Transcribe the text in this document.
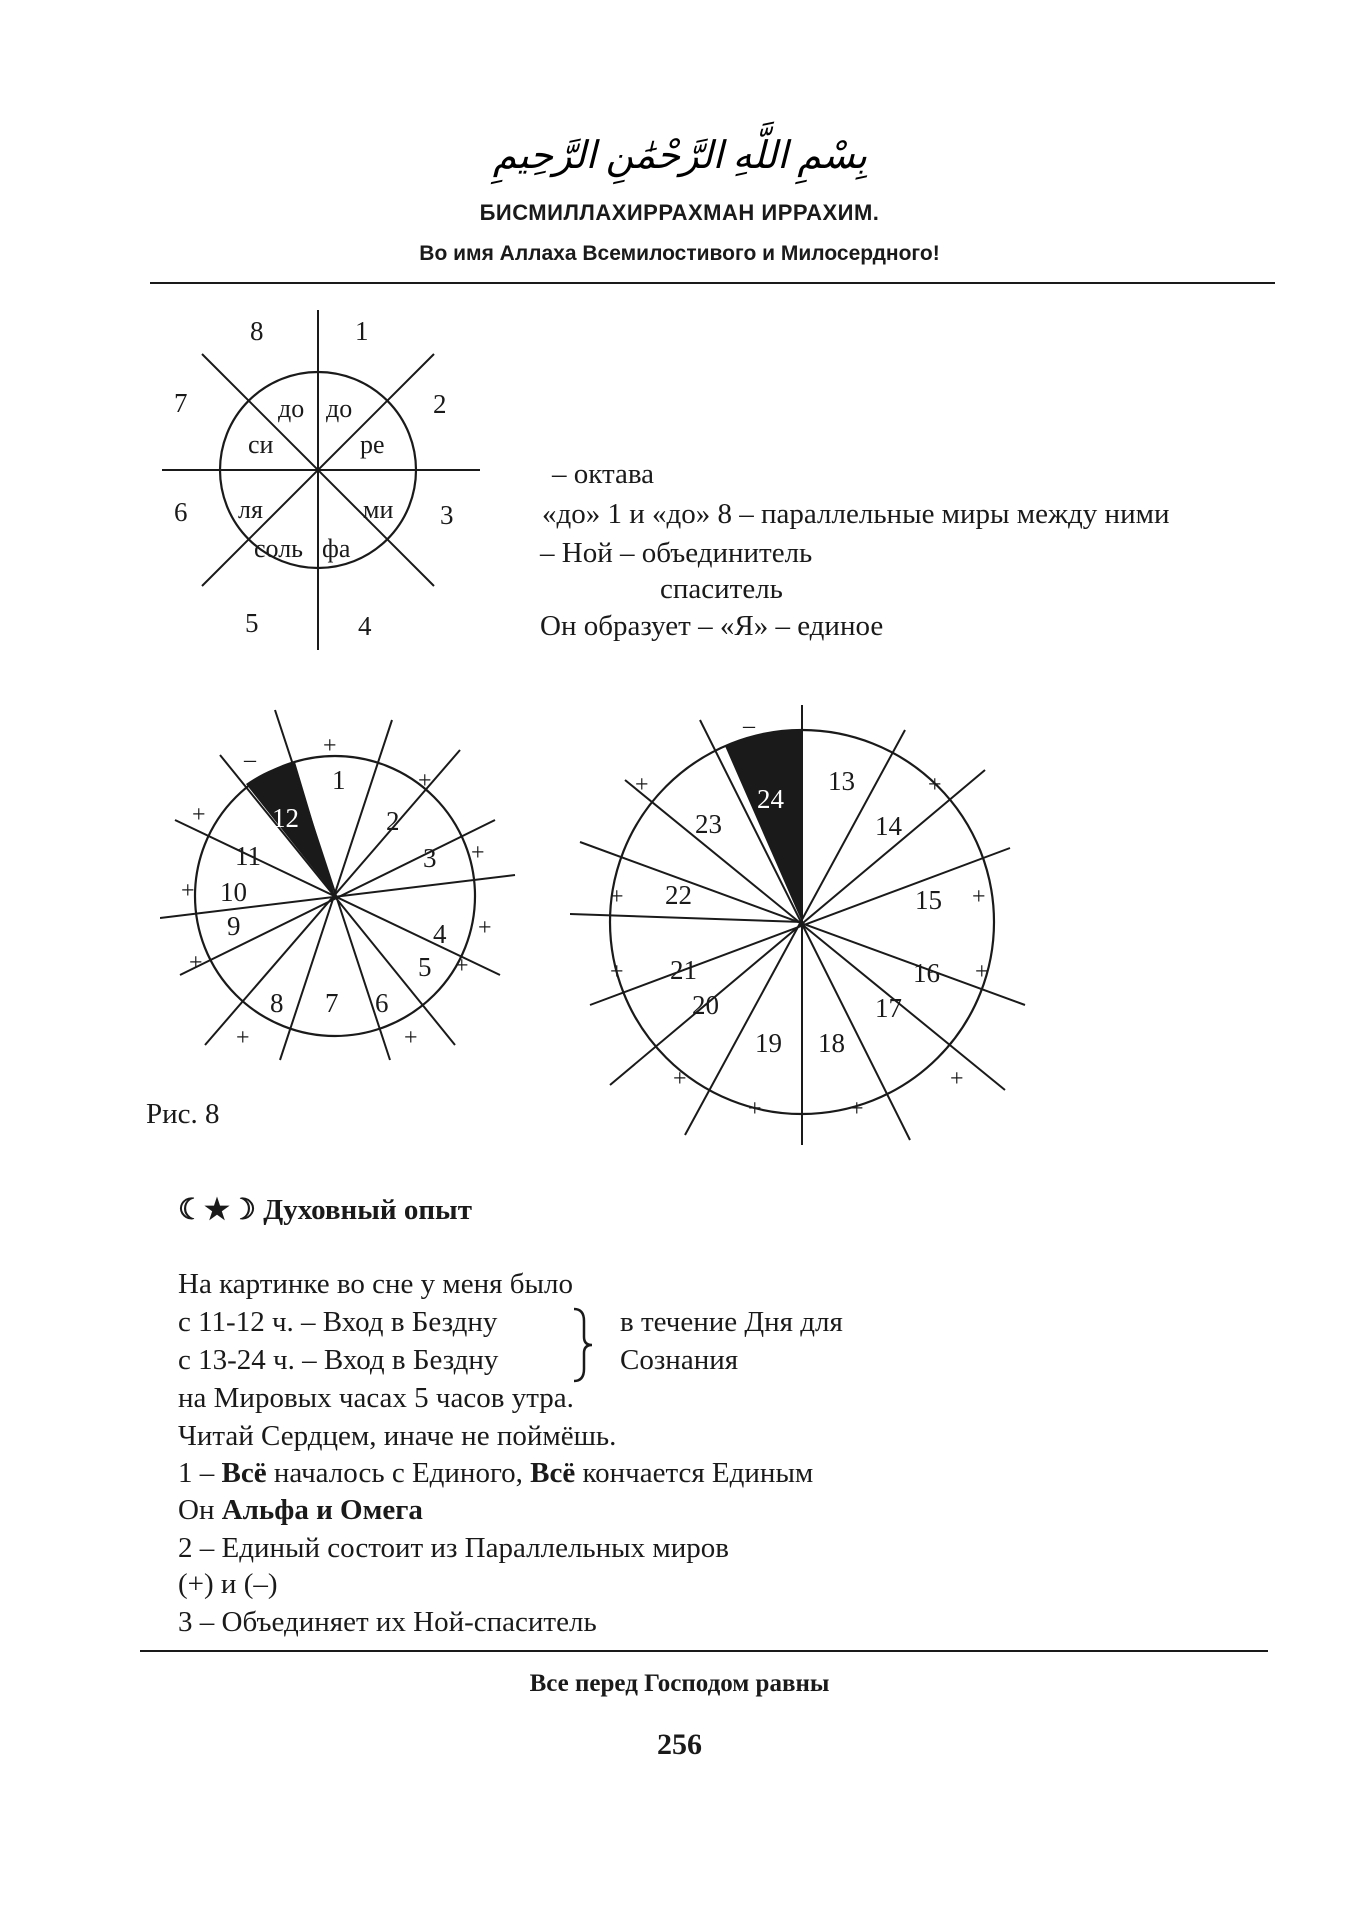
بِسْمِ اللَّهِ الرَّحْمَٰنِ الرَّحِيمِ
БИСМИЛЛАХИРРАХМАН ИРРАХИМ.
Во имя Аллаха Всемилостивого и Милосердного!
1
2
3
4
5
6
7
8
ре
ми
фа
соль
ля
си
до
до
– октава
«до» 1 и «до» 8 – параллельные миры между ними
– Ной – объединитель
спаситель
Он образует – «Я» – единое
1
2
3
4
5
6
7
8
9
10
11
12
–
+
+
+
+
+
+
+
+
+
+
13
14
15
16
17
18
19
20
21
22
23
24
–
+	+
+	+
+	+
+	+
+	+
Рис. 8
☾★☽ Духовный опыт
На картинке во сне у меня было
с 11-12 ч. – Вход в Бездну	в течение Дня для
с 13-24 ч. – Вход в Бездну	Сознания
на Мировых часах 5 часов утра.
Читай Сердцем, иначе не поймёшь.
1 – Всё началось с Единого, Всё кончается Единым
Он Альфа и Омега
2 – Единый состоит из Параллельных миров
(+) и (–)
3 – Объединяет их Ной-спаситель
Все перед Господом равны
256
